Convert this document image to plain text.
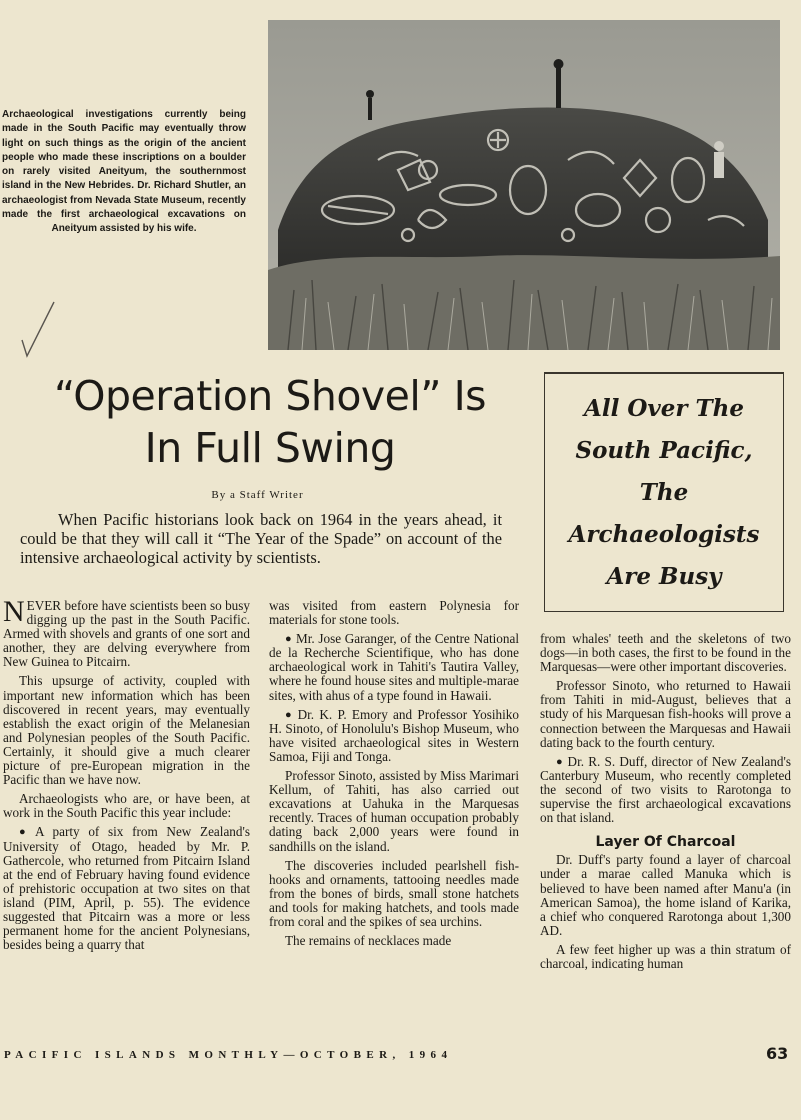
Archaeological investigations currently being made in the South Pacific may eventually throw light on such things as the origin of the ancient people who made these inscriptions on a boulder on rarely visited Aneityum, the southernmost island in the New Hebrides. Dr. Richard Shutler, an archaeologist from Nevada State Museum, recently made the first archaeological excavations on Aneityum assisted by his wife.
“Operation Shovel” Is
In Full Swing
By a Staff Writer
When Pacific historians look back on 1964 in the years ahead, it could be that they will call it “The Year of the Spade” on account of the intensive archaeological activity by scientists.
All Over The
South Pacific,
The
Archaeologists
Are Busy

NEVER before have scientists been so busy digging up the past in the South Pacific. Armed with shovels and grants of one sort and another, they are delving everywhere from New Guinea to Pitcairn.

This upsurge of activity, coupled with important new information which has been discovered in recent years, may eventually establish the exact origin of the Melanesian and Polynesian peoples of the South Pacific. Certainly, it should give a much clearer picture of pre-European migration in the Pacific than we have now.

Archaeologists who are, or have been, at work in the South Pacific this year include:

● A party of six from New Zealand's University of Otago, headed by Mr. P. Gathercole, who returned from Pitcairn Island at the end of February having found evidence of prehistoric occupation at two sites on that island (PIM, April, p. 55). The evidence suggested that Pitcairn was a more or less permanent home for the ancient Polynesians, besides being a quarry that

was visited from eastern Polynesia for materials for stone tools.

● Mr. Jose Garanger, of the Centre National de la Recherche Scientifique, who has done archaeological work in Tahiti's Tautira Valley, where he found house sites and multiple-marae sites, with ahus of a type found in Hawaii.

● Dr. K. P. Emory and Professor Yosihiko H. Sinoto, of Honolulu's Bishop Museum, who have visited archaeological sites in Western Samoa, Fiji and Tonga.

Professor Sinoto, assisted by Miss Marimari Kellum, of Tahiti, has also carried out excavations at Uahuka in the Marquesas recently. Traces of human occupation probably dating back 2,000 years were found in sandhills on the island.

The discoveries included pearlshell fish-hooks and ornaments, tattooing needles made from the bones of birds, small stone hatchets and tools for making hatchets, and tools made from coral and the spikes of sea urchins.

The remains of necklaces made

from whales' teeth and the skeletons of two dogs—in both cases, the first to be found in the Marquesas—were other important discoveries.

Professor Sinoto, who returned to Hawaii from Tahiti in mid-August, believes that a study of his Marquesan fish-hooks will prove a connection between the Marquesas and Hawaii dating back to the fourth century.

● Dr. R. S. Duff, director of New Zealand's Canterbury Museum, who recently completed the second of two visits to Rarotonga to supervise the first archaeological excavations on that island.

Layer Of Charcoal

Dr. Duff's party found a layer of charcoal under a marae called Manuka which is believed to have been named after Manu'a (in American Samoa), the home island of Karika, a chief who conquered Rarotonga about 1,300 AD.

A few feet higher up was a thin stratum of charcoal, indicating human

PACIFIC ISLANDS MONTHLY—OCTOBER, 1964	63
